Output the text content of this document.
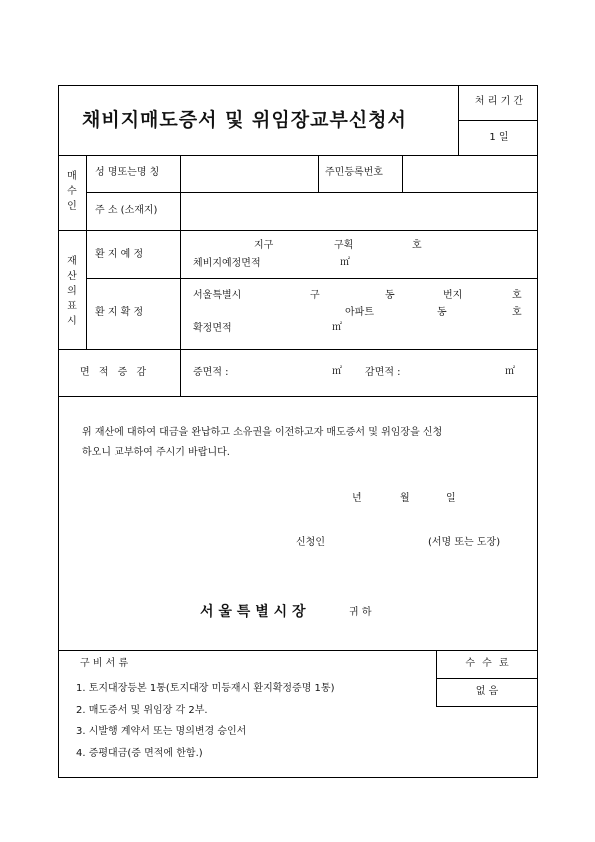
채비지매도증서 및 위임장교부신청서
처 리 기 간
1 일
매수인
성 명또는명 칭	주민등록번호
주 소 (소재지)
재산의표시
환 지 예 정
지구	구획	호
체비지예정면적	㎡
환 지 확 정
서울특별시	구	동	번지	호
아파트	동	호
확정면적	㎡
면 적 증 감	증면적 :	㎡ 감면적 :	㎡
위 재산에 대하여 대금을 완납하고 소유권을 이전하고자 매도증서 및 위임장을 신청
하오니 교부하여 주시기 바랍니다.
년	월	일
신청인	(서명 또는 도장)
서 울 특 별 시 장	귀 하
구 비 서 류
1. 토지대장등본 1통(토지대장 미등재시 환지확정증명 1통)
2. 매도증서 및 위임장 각 2부.
3. 시발행 계약서 또는 명의변경 승인서
4. 증평대금(증 면적에 한함.)
수 수 료
없 음
